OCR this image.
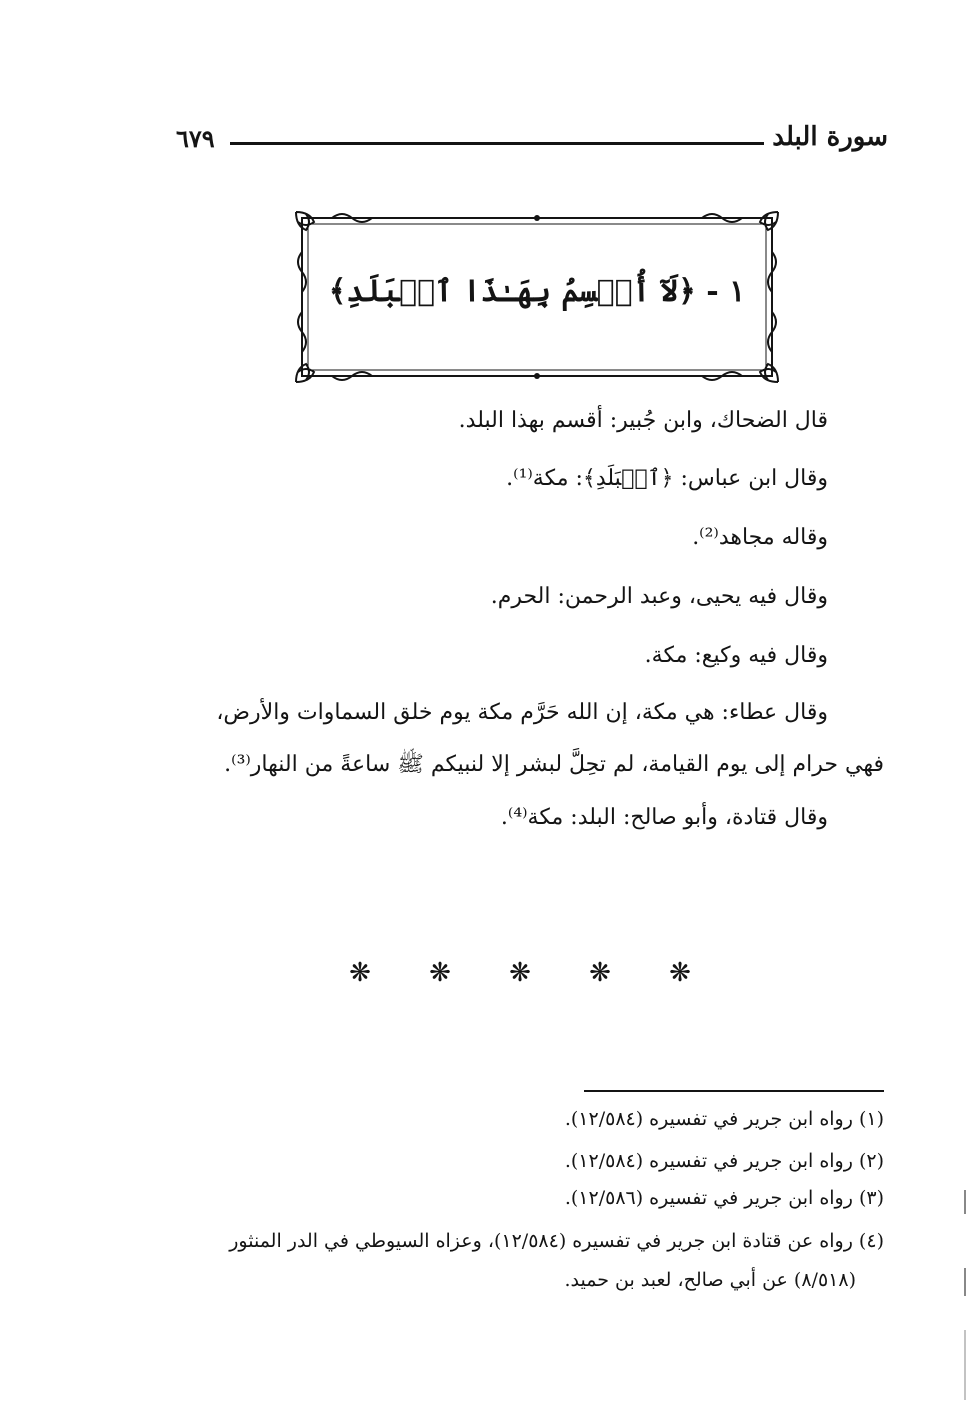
سورة البلد
٦٧٩
١ - ﴿لَآ أُقۡسِمُ بِهَـٰذَا ٱلۡبَلَدِ﴾
قال الضحاك، وابن جُبير: أقسم بهذا البلد.
وقال ابن عباس: ﴿ٱلۡبَلَدِ﴾: مكة⁽¹⁾.
وقاله مجاهد⁽²⁾.
وقال فيه يحيى، وعبد الرحمن: الحرم.
وقال فيه وكيع: مكة.
وقال عطاء: هي مكة، إن الله حَرَّم مكة يوم خلق السماوات والأرض،
فهي حرام إلى يوم القيامة، لم تحِلَّ لبشر إلا لنبيكم ﷺ ساعةً من النهار⁽³⁾.
وقال قتادة، وأبو صالح: البلد: مكة⁽⁴⁾.
❋
❋
❋
❋
❋
(١) رواه ابن جرير في تفسيره (١٢/٥٨٤).
(٢) رواه ابن جرير في تفسيره (١٢/٥٨٤).
(٣) رواه ابن جرير في تفسيره (١٢/٥٨٦).
(٤) رواه عن قتادة ابن جرير في تفسيره (١٢/٥٨٤)، وعزاه السيوطي في الدر المنثور
(٨/٥١٨) عن أبي صالح، لعبد بن حميد.
